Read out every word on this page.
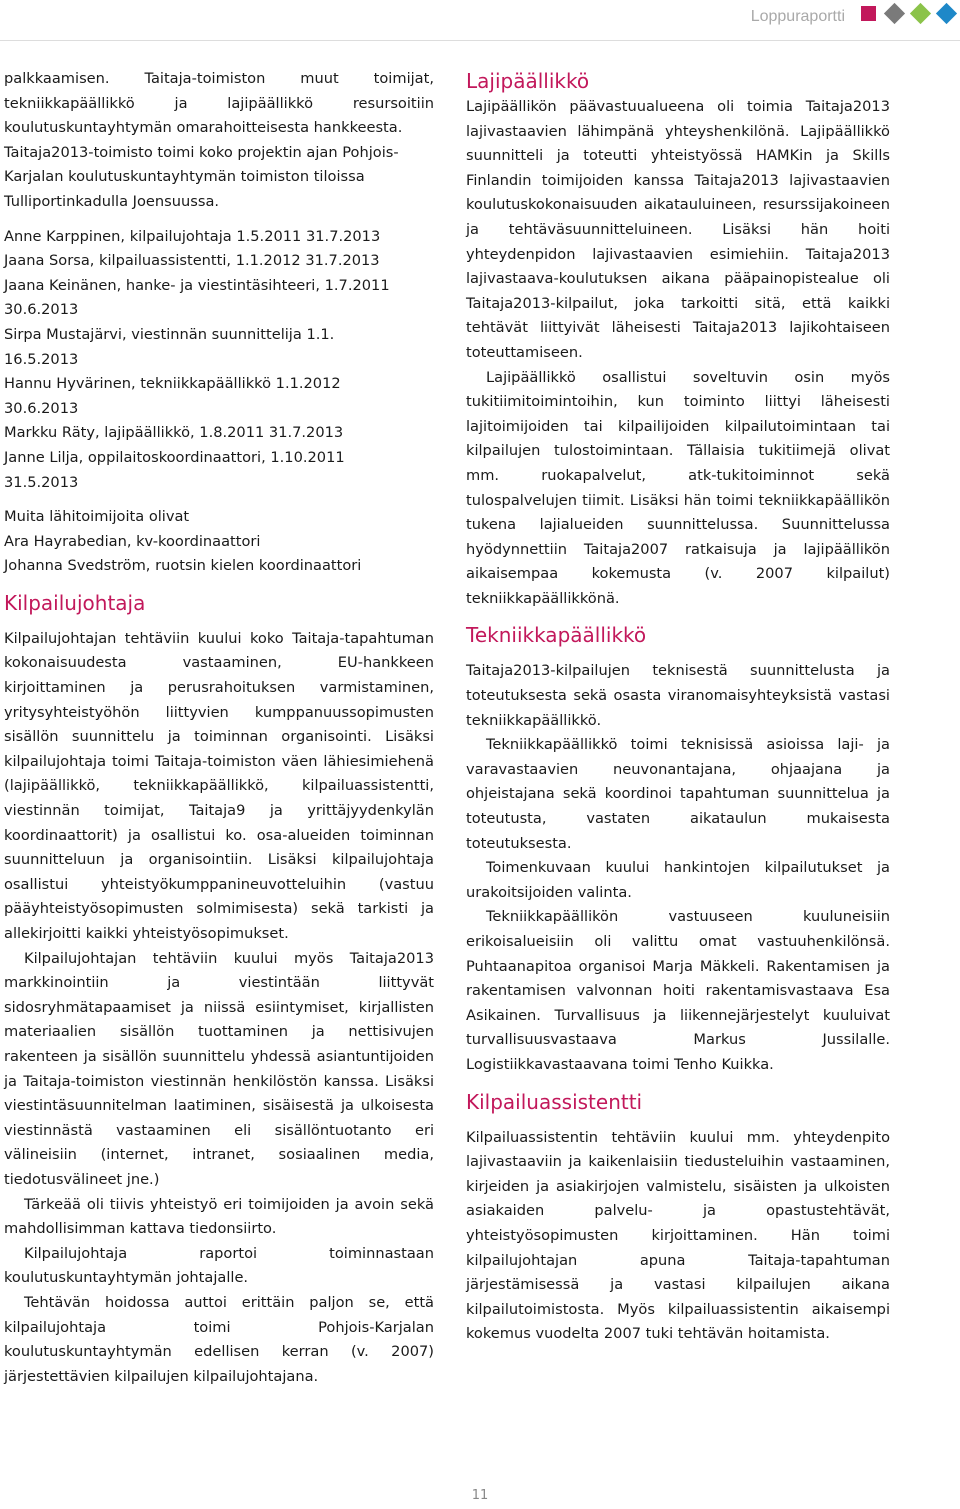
Loppuraportti

palkkaamisen. Taitaja-toimiston muut toimijat, tekniikkapäällikkö ja lajipäällikkö resursoitiin koulutuskuntayhtymän omarahoitteisesta hankkeesta.

Taitaja2013-toimisto toimi koko projektin ajan Pohjois-Karjalan koulutuskuntayhtymän toimiston tiloissa Tulliportinkadulla Joensuussa.

Anne Karppinen, kilpailujohtaja 1.5.2011 31.7.2013

Jaana Sorsa, kilpailuassistentti, 1.1.2012 31.7.2013

Jaana Keinänen, hanke- ja viestintäsihteeri, 1.7.2011 30.6.2013

Sirpa Mustajärvi, viestinnän suunnittelija 1.1. 16.5.2013

Hannu Hyvärinen, tekniikkapäällikkö 1.1.2012 30.6.2013

Markku Räty, lajipäällikkö, 1.8.2011 31.7.2013

Janne Lilja, oppilaitoskoordinaattori, 1.10.2011 31.5.2013

Muita lähitoimijoita olivat

Ara Hayrabedian, kv-koordinaattori

Johanna Svedström, ruotsin kielen koordinaattori

Kilpailujohtaja

Kilpailujohtajan tehtäviin kuului koko Taitaja-tapahtuman kokonaisuudesta vastaaminen, EU-hankkeen kirjoittaminen ja perusrahoituksen varmistaminen, yritysyhteistyöhön liittyvien kumppanuussopimusten sisällön suunnittelu ja toiminnan organisointi. Lisäksi kilpailujohtaja toimi Taitaja-toimiston väen lähiesimiehenä (lajipäällikkö, tekniikkapäällikkö, kilpailuassistentti, viestinnän toimijat, Taitaja9 ja yrittäjyydenkylän koordinaattorit) ja osallistui ko. osa-alueiden toiminnan suunnitteluun ja organisointiin. Lisäksi kilpailujohtaja osallistui yhteistyökumppanineuvotteluihin (vastuu pääyhteistyösopimusten solmimisesta) sekä tarkisti ja allekirjoitti kaikki yhteistyösopimukset.

Kilpailujohtajan tehtäviin kuului myös Taitaja2013 markkinointiin ja viestintään liittyvät sidosryhmätapaamiset ja niissä esiintymiset, kirjallisten materiaalien sisällön tuottaminen ja nettisivujen rakenteen ja sisällön suunnittelu yhdessä asiantuntijoiden ja Taitaja-toimiston viestinnän henkilöstön kanssa. Lisäksi viestintäsuunnitelman laatiminen, sisäisestä ja ulkoisesta viestinnästä vastaaminen eli sisällöntuotanto eri välineisiin (internet, intranet, sosiaalinen media, tiedotusvälineet jne.)

Tärkeää oli tiivis yhteistyö eri toimijoiden ja avoin sekä mahdollisimman kattava tiedonsiirto.

Kilpailujohtaja raportoi toiminnastaan koulutuskuntayhtymän johtajalle.

Tehtävän hoidossa auttoi erittäin paljon se, että kilpailujohtaja toimi Pohjois-Karjalan koulutuskuntayhtymän edellisen kerran (v. 2007) järjestettävien kilpailujen kilpailujohtajana.

Lajipäällikkö

Lajipäällikön päävastuualueena oli toimia Taitaja2013 lajivastaavien lähimpänä yhteyshenkilönä. Lajipäällikkö suunnitteli ja toteutti yhteistyössä HAMKin ja Skills Finlandin toimijoiden kanssa Taitaja2013 lajivastaavien koulutuskokonaisuuden aikatauluineen, resurssijakoineen ja tehtäväsuunnitteluineen. Lisäksi hän hoiti yhteydenpidon lajivastaavien esimiehiin. Taitaja2013 lajivastaava-koulutuksen aikana pääpainopistealue oli Taitaja2013-kilpailut, joka tarkoitti sitä, että kaikki tehtävät liittyivät läheisesti Taitaja2013 lajikohtaiseen toteuttamiseen.

Lajipäällikkö osallistui soveltuvin osin myös tukitiimitoimintoihin, kun toiminto liittyi läheisesti lajitoimijoiden tai kilpailijoiden kilpailutoimintaan tai kilpailujen tulostoimintaan. Tällaisia tukitiimejä olivat mm. ruokapalvelut, atk-tukitoiminnot sekä tulospalvelujen tiimit. Lisäksi hän toimi tekniikkapäällikön tukena lajialueiden suunnittelussa. Suunnittelussa hyödynnettiin Taitaja2007 ratkaisuja ja lajipäällikön aikaisempaa kokemusta (v. 2007 kilpailut) tekniikkapäällikkönä.

Tekniikkapäällikkö

Taitaja2013-kilpailujen teknisestä suunnittelusta ja toteutuksesta sekä osasta viranomaisyhteyksistä vastasi tekniikkapäällikkö.

Tekniikkapäällikkö toimi teknisissä asioissa laji- ja varavastaavien neuvonantajana, ohjaajana ja ohjeistajana sekä koordinoi tapahtuman suunnittelua ja toteutusta, vastaten aikataulun mukaisesta toteutuksesta.

Toimenkuvaan kuului hankintojen kilpailutukset ja urakoitsijoiden valinta.

Tekniikkapäällikön vastuuseen kuuluneisiin erikoisalueisiin oli valittu omat vastuuhenkilönsä. Puhtaanapitoa organisoi Marja Mäkkeli. Rakentamisen ja rakentamisen valvonnan hoiti rakentamisvastaava Esa Asikainen. Turvallisuus ja liikennejärjestelyt kuuluivat turvallisuusvastaava Markus Jussilalle. Logistiikkavastaavana toimi Tenho Kuikka.

Kilpailuassistentti

Kilpailuassistentin tehtäviin kuului mm. yhteydenpito lajivastaaviin ja kaikenlaisiin tiedusteluihin vastaaminen, kirjeiden ja asiakirjojen valmistelu, sisäisten ja ulkoisten asiakaiden palvelu- ja opastustehtävät, yhteistyösopimusten kirjoittaminen. Hän toimi kilpailujohtajan apuna Taitaja-tapahtuman järjestämisessä ja vastasi kilpailujen aikana kilpailutoimistosta. Myös kilpailuassistentin aikaisempi kokemus vuodelta 2007 tuki tehtävän hoitamista.

11
